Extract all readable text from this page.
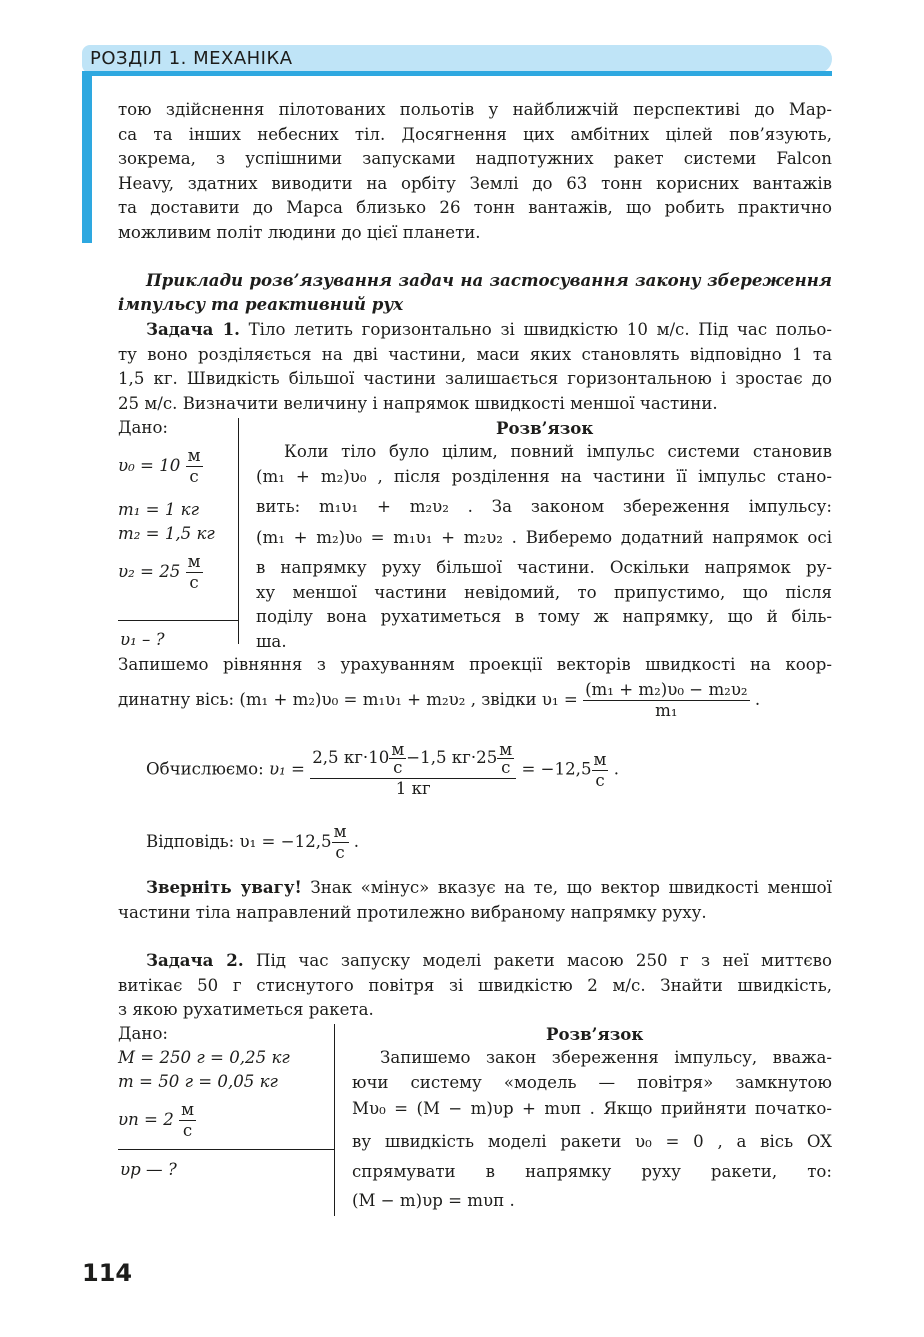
РОЗДІЛ 1. МЕХАНІКА
тою здійснення пілотованих польотів у найближчій перспективі до Мар-
са та інших небесних тіл. Досягнення цих амбітних цілей пов’язують,
зокрема, з успішними запусками надпотужних ракет системи Falcon
Heavy, здатних виводити на орбіту Землі до 63 тонн корисних вантажів
та доставити до Марса близько 26 тонн вантажів, що робить практично
можливим політ людини до цієї планети.
Приклади розв’язування задач на застосування закону збереження
імпульсу та реактивний рух
Задача 1. Тіло летить горизонтально зі швидкістю 10 м/с. Під час польо-
ту воно розділяється на дві частини, маси яких становлять відповідно 1 та
1,5 кг. Швидкість більшої частини залишається горизонтальною і зростає до
25 м/с. Визначити величину і напрямок швидкості меншої частини.
Дано:
$\upsilon_0 = 10 \frac{м}{с}$
m₁ = 1 кг
m₂ = 1,5 кг
$\upsilon_2 = 25 \frac{м}{с}$
υ₁ – ?
Розв’язок
Коли тіло було цілим, повний імпульс системи становив
(m₁ + m₂)υ₀ , після розділення на частини її імпульс стано-
вить: m₁υ₁ + m₂υ₂ . За законом збереження імпульсу:
(m₁ + m₂)υ₀ = m₁υ₁ + m₂υ₂ . Виберемо додатний напрямок осі
в напрямку руху більшої частини. Оскільки напрямок ру-
ху меншої частини невідомий, то припустимо, що після
поділу вона рухатиметься в тому ж напрямку, що й біль-
ша.
Запишемо рівняння з урахуванням проекції векторів швидкості на коор-
динатну вісь: (m₁ + m₂)υ₀ = m₁υ₁ + m₂υ₂ , звідки $\upsilon_1 = \frac{\text{(m₁ + m₂)υ₀ − m₂υ₂}}{\text{m₁}}$ .
Обчислюємо: $\upsilon_1 = \frac{2,5 кг\cdot 10 \frac{м}{с} -1,5 кг\cdot 25 \frac{м}{с}}{1 кг} = -12,5 \frac{м}{с}$ .
Відповідь: $\upsilon_1 = -12,5 \frac{м}{с}$ .
Зверніть увагу! Знак «мінус» вказує на те, що вектор швидкості меншої
частини тіла направлений протилежно вибраному напрямку руху.
Задача 2. Під час запуску моделі ракети масою 250 г з неї миттєво
витікає 50 г стиснутого повітря зі швидкістю 2 м/с. Знайти швидкість,
з якою рухатиметься ракета.
Дано:
M = 250 г = 0,25 кг
m = 50 г = 0,05 кг
$\upsilon п = 2 \frac{м}{с}$
υр — ?
Розв’язок
Запишемо закон збереження імпульсу, вважа-
ючи систему «модель — повітря» замкнутою
Mυ₀ = (M − m)υр + mυп . Якщо прийняти початко-
ву швидкість моделі ракети υ₀ = 0 , а вісь OX
спрямувати в напрямку руху ракети, то:
(M − m)υр = mυп .
114
